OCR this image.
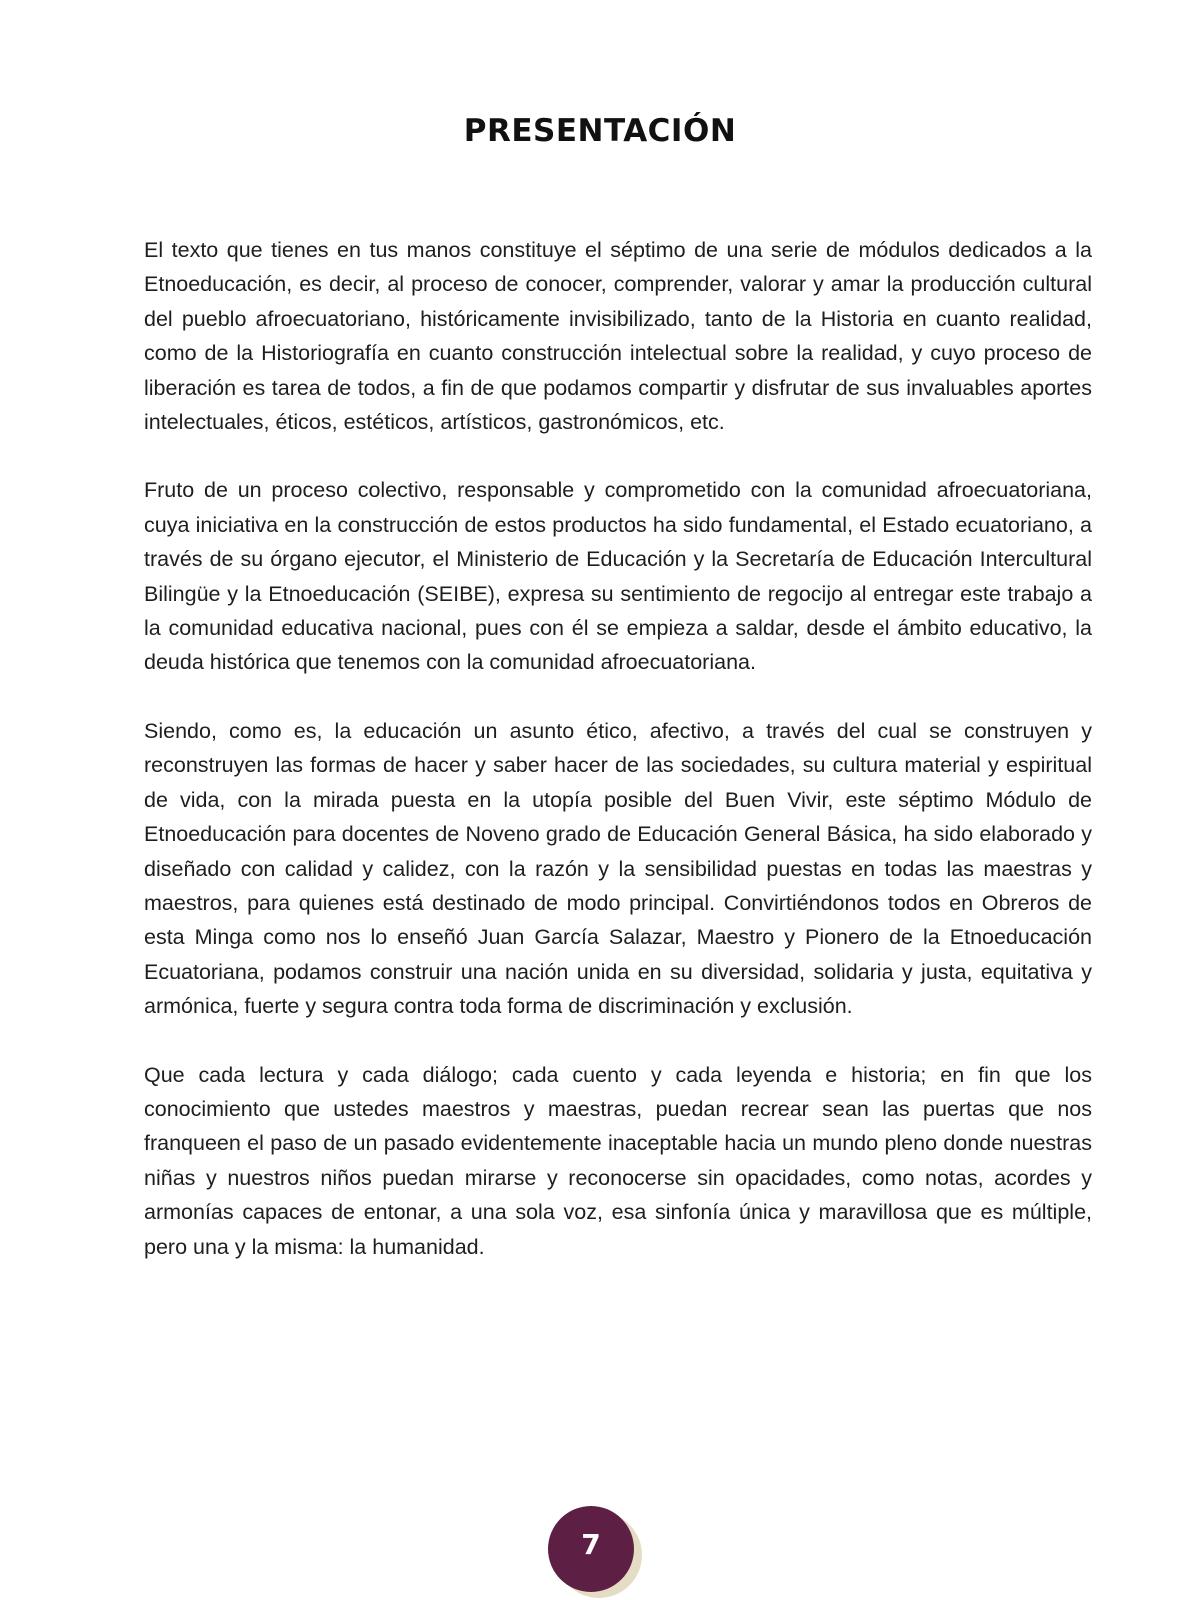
PRESENTACIÓN

El texto que tienes en tus manos constituye el séptimo de una serie de módulos dedicados a la Etnoeducación, es decir, al proceso de conocer, comprender, valorar y amar la producción cultural del pueblo afroecuatoriano, históricamente invisibilizado, tanto de la Historia en cuanto realidad, como de la Historiografía en cuanto construcción intelectual sobre la realidad, y cuyo proceso de liberación es tarea de todos, a fin de que podamos compartir y disfrutar de sus invaluables aportes intelectuales, éticos, estéticos, artísticos, gastronómicos, etc.

Fruto de un proceso colectivo, responsable y comprometido con la comunidad afroecuatoriana, cuya iniciativa en la construcción de estos productos ha sido fundamental, el Estado ecuatoriano, a través de su órgano ejecutor, el Ministerio de Educación y la Secretaría de Educación Intercultural Bilingüe y la Etnoeducación (SEIBE), expresa su sentimiento de regocijo al entregar este trabajo a la comunidad educativa nacional, pues con él se empieza a saldar, desde el ámbito educativo, la deuda histórica que tenemos con la comunidad afroecuatoriana.

Siendo, como es, la educación un asunto ético, afectivo, a través del cual se construyen y reconstruyen las formas de hacer y saber hacer de las sociedades, su cultura material y espiritual de vida, con la mirada puesta en la utopía posible del Buen Vivir, este séptimo Módulo de Etnoeducación para docentes de Noveno grado de Educación General Básica, ha sido elaborado y diseñado con calidad y calidez, con la razón y la sensibilidad puestas en todas las maestras y maestros, para quienes está destinado de modo principal. Convirtiéndonos todos en Obreros de esta Minga como nos lo enseñó Juan García Salazar, Maestro y Pionero de la Etnoeducación Ecuatoriana, podamos construir una nación unida en su diversidad, solidaria y justa, equitativa y armónica, fuerte y segura contra toda forma de discriminación y exclusión.

Que cada lectura y cada diálogo; cada cuento y cada leyenda e historia; en fin que los conocimiento que ustedes maestros y maestras, puedan recrear sean las puertas que nos franqueen el paso de un pasado evidentemente inaceptable hacia un mundo pleno donde nuestras niñas y nuestros niños puedan mirarse y reconocerse sin opacidades, como notas, acordes y armonías capaces de entonar, a una sola voz, esa sinfonía única y maravillosa que es múltiple, pero una y la misma: la humanidad.

7
